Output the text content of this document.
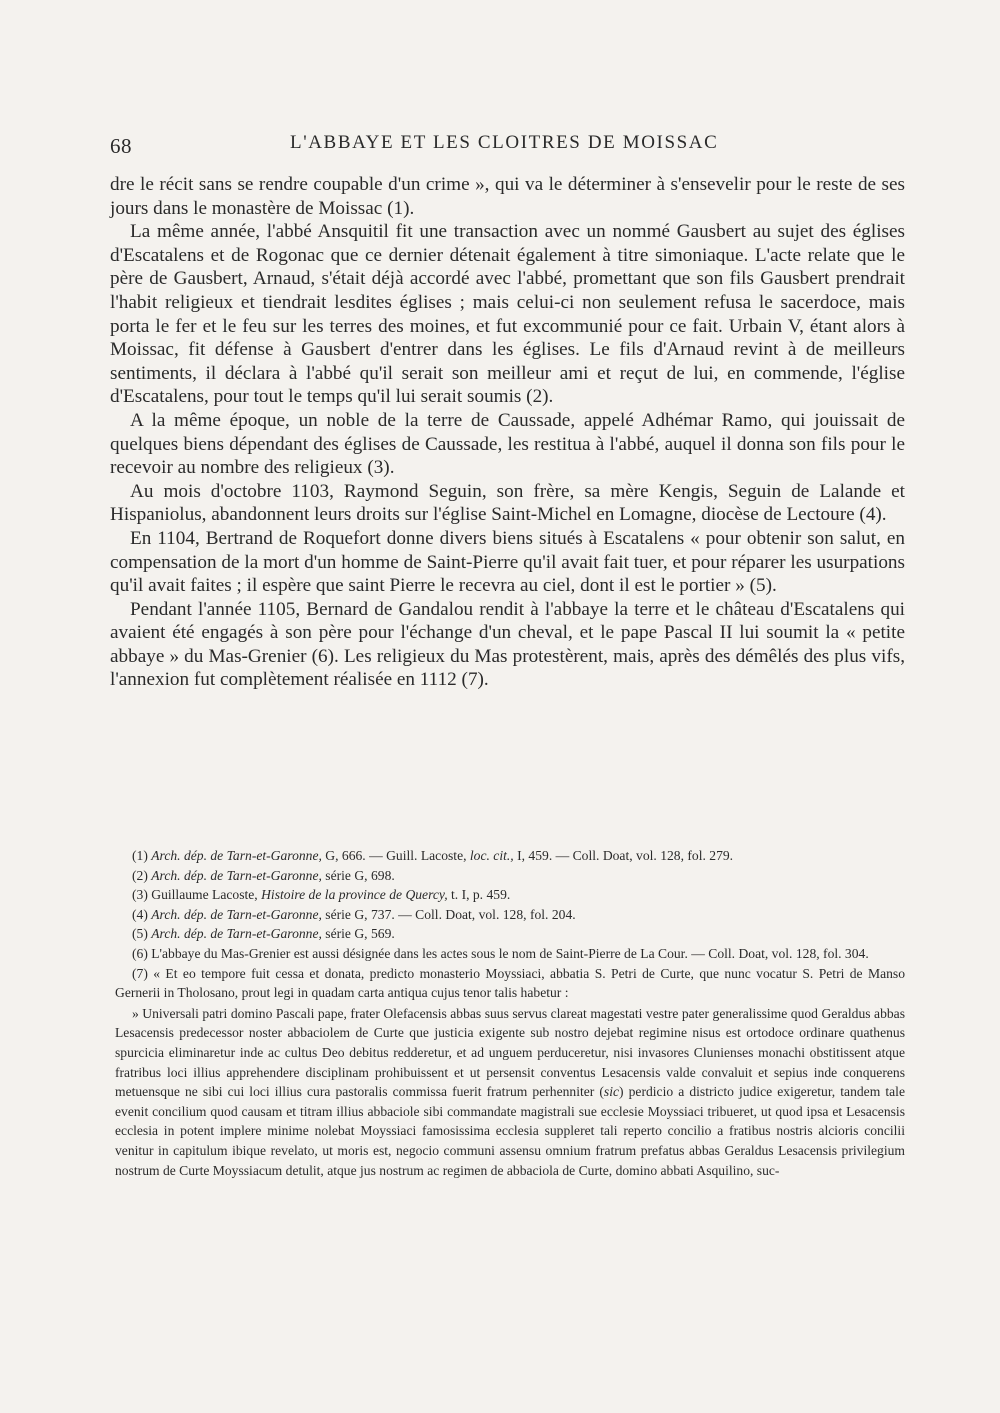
68	L'ABBAYE ET LES CLOITRES DE MOISSAC

dre le récit sans se rendre coupable d'un crime », qui va le déterminer à s'ensevelir pour le reste de ses jours dans le monastère de Moissac (1).

La même année, l'abbé Ansquitil fit une transaction avec un nommé Gausbert au sujet des églises d'Escatalens et de Rogonac que ce dernier détenait également à titre simoniaque. L'acte relate que le père de Gausbert, Arnaud, s'était déjà accordé avec l'abbé, promettant que son fils Gausbert prendrait l'habit religieux et tiendrait lesdites églises ; mais celui-ci non seulement refusa le sacerdoce, mais porta le fer et le feu sur les terres des moines, et fut excommunié pour ce fait. Urbain V, étant alors à Moissac, fit défense à Gausbert d'entrer dans les églises. Le fils d'Arnaud revint à de meilleurs sentiments, il déclara à l'abbé qu'il serait son meilleur ami et reçut de lui, en commende, l'église d'Escatalens, pour tout le temps qu'il lui serait soumis (2).

A la même époque, un noble de la terre de Caussade, appelé Adhémar Ramo, qui jouissait de quelques biens dépendant des églises de Caussade, les restitua à l'abbé, auquel il donna son fils pour le recevoir au nombre des religieux (3).

Au mois d'octobre 1103, Raymond Seguin, son frère, sa mère Kengis, Seguin de Lalande et Hispaniolus, abandonnent leurs droits sur l'église Saint-Michel en Lomagne, diocèse de Lectoure (4).

En 1104, Bertrand de Roquefort donne divers biens situés à Escatalens « pour obtenir son salut, en compensation de la mort d'un homme de Saint-Pierre qu'il avait fait tuer, et pour réparer les usurpations qu'il avait faites ; il espère que saint Pierre le recevra au ciel, dont il est le portier » (5).

Pendant l'année 1105, Bernard de Gandalou rendit à l'abbaye la terre et le château d'Escatalens qui avaient été engagés à son père pour l'échange d'un cheval, et le pape Pascal II lui soumit la « petite abbaye » du Mas-Grenier (6). Les religieux du Mas protestèrent, mais, après des démêlés des plus vifs, l'annexion fut complètement réalisée en 1112 (7).

(1) Arch. dép. de Tarn-et-Garonne, G, 666. — Guill. Lacoste, loc. cit., I, 459. — Coll. Doat, vol. 128, fol. 279.

(2) Arch. dép. de Tarn-et-Garonne, série G, 698.

(3) Guillaume Lacoste, Histoire de la province de Quercy, t. I, p. 459.

(4) Arch. dép. de Tarn-et-Garonne, série G, 737. — Coll. Doat, vol. 128, fol. 204.

(5) Arch. dép. de Tarn-et-Garonne, série G, 569.

(6) L'abbaye du Mas-Grenier est aussi désignée dans les actes sous le nom de Saint-Pierre de La Cour. — Coll. Doat, vol. 128, fol. 304.

(7) « Et eo tempore fuit cessa et donata, predicto monasterio Moyssiaci, abbatia S. Petri de Curte, que nunc vocatur S. Petri de Manso Gernerii in Tholosano, prout legi in quadam carta antiqua cujus tenor talis habetur :

» Universali patri domino Pascali pape, frater Olefacensis abbas suus servus clareat magestati vestre pater generalissime quod Geraldus abbas Lesacensis predecessor noster abbaciolem de Curte que justicia exigente sub nostro dejebat regimine nisus est ortodoce ordinare quathenus spurcicia eliminaretur inde ac cultus Deo debitus redderetur, et ad unguem perduceretur, nisi invasores Clunienses monachi obstitissent atque fratribus loci illius apprehendere disciplinam prohibuissent et ut persensit conventus Lesacensis valde convaluit et sepius inde conquerens metuensque ne sibi cui loci illius cura pastoralis commissa fuerit fratrum perhenniter (sic) perdicio a districto judice exigeretur, tandem tale evenit concilium quod causam et titram illius abbaciole sibi commandate magistrali sue ecclesie Moyssiaci tribueret, ut quod ipsa et Lesacensis ecclesia in potent implere minime nolebat Moyssiaci famosissima ecclesia suppleret tali reperto concilio a fratibus nostris alcioris concilii venitur in capitulum ibique revelato, ut moris est, negocio communi assensu omnium fratrum prefatus abbas Geraldus Lesacensis privilegium nostrum de Curte Moyssiacum detulit, atque jus nostrum ac regimen de abbaciola de Curte, domino abbati Asquilino, suc-
